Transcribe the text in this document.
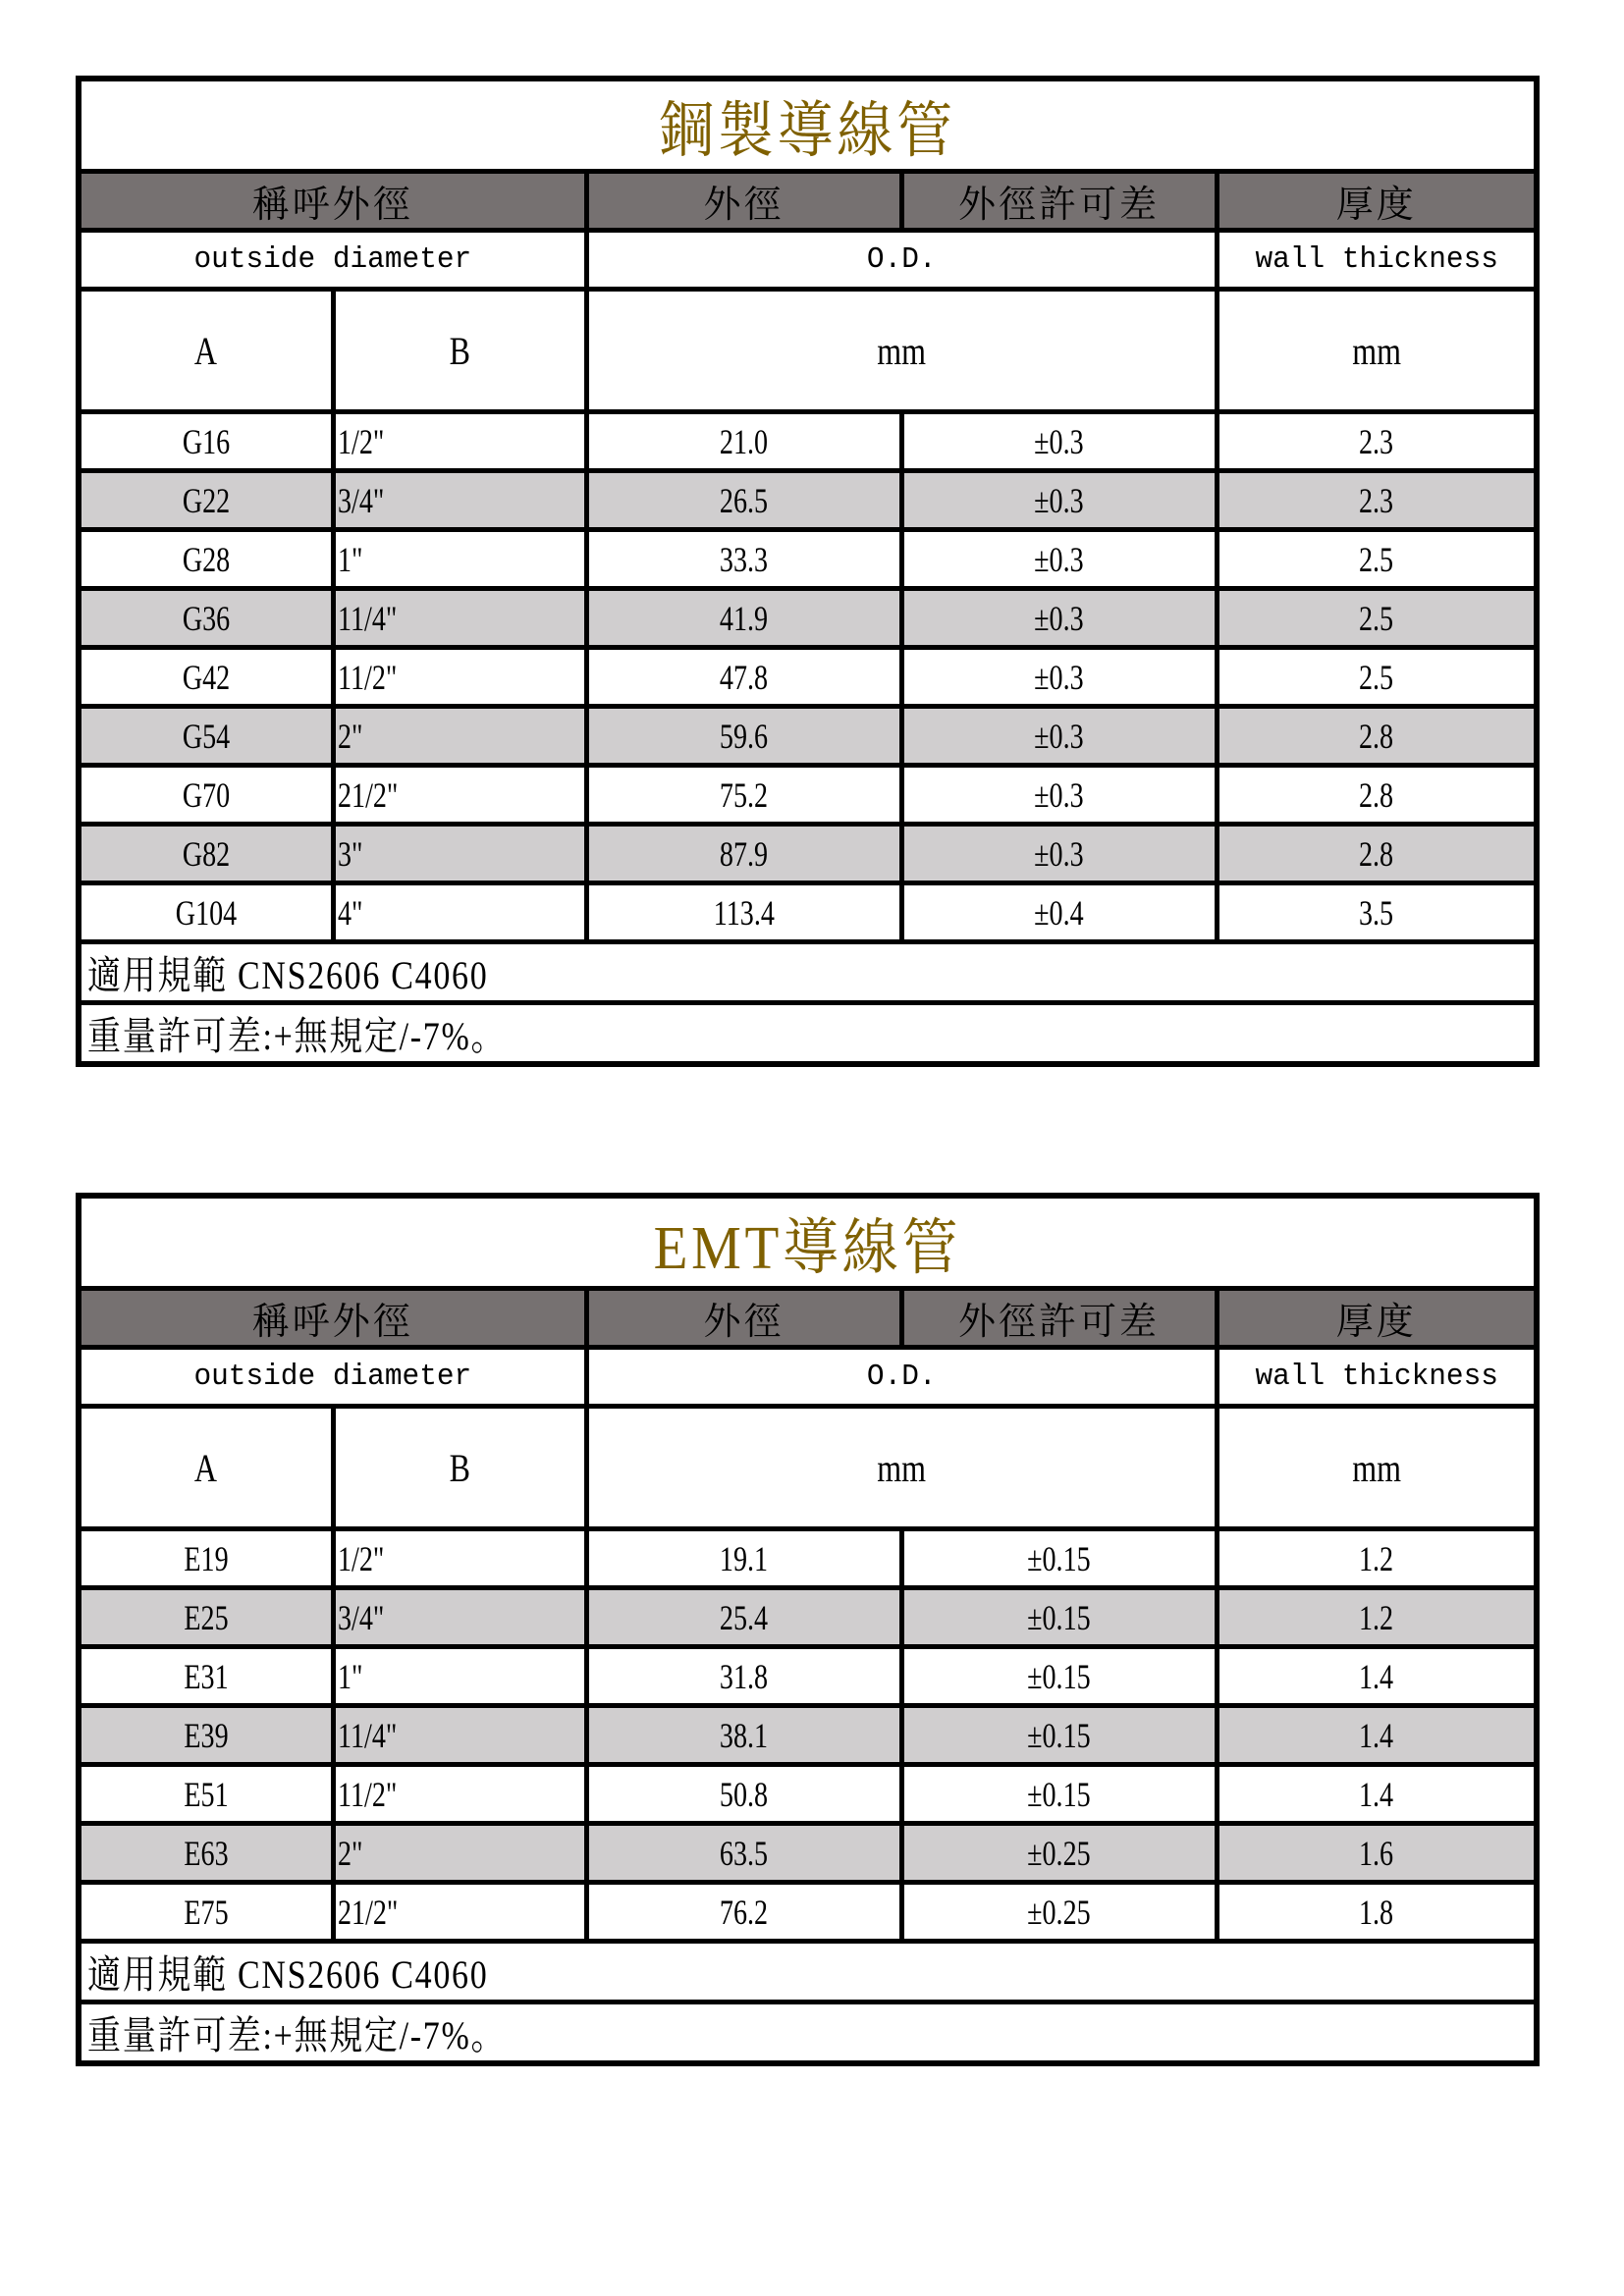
鋼製導線管				
稱呼外徑		外徑	外徑許可差	厚度
outside diameter		O.D.		wall thickness
A	B	mm		mm
G16	1/2"	21.0	±0.3	2.3
G22	3/4"	26.5	±0.3	2.3
G28	1"	33.3	±0.3	2.5
G36	11/4"	41.9	±0.3	2.5
G42	11/2"	47.8	±0.3	2.5
G54	2"	59.6	±0.3	2.8
G70	21/2"	75.2	±0.3	2.8
G82	3"	87.9	±0.3	2.8
G104	4"	113.4	±0.4	3.5
適用規範 CNS2606 C4060				
重量許可差:+無規定/-7%。				
EMT導線管				
稱呼外徑		外徑	外徑許可差	厚度
outside diameter		O.D.		wall thickness
A	B	mm		mm
E19	1/2"	19.1	±0.15	1.2
E25	3/4"	25.4	±0.15	1.2
E31	1"	31.8	±0.15	1.4
E39	11/4"	38.1	±0.15	1.4
E51	11/2"	50.8	±0.15	1.4
E63	2"	63.5	±0.25	1.6
E75	21/2"	76.2	±0.25	1.8
適用規範 CNS2606 C4060				
重量許可差:+無規定/-7%。				
